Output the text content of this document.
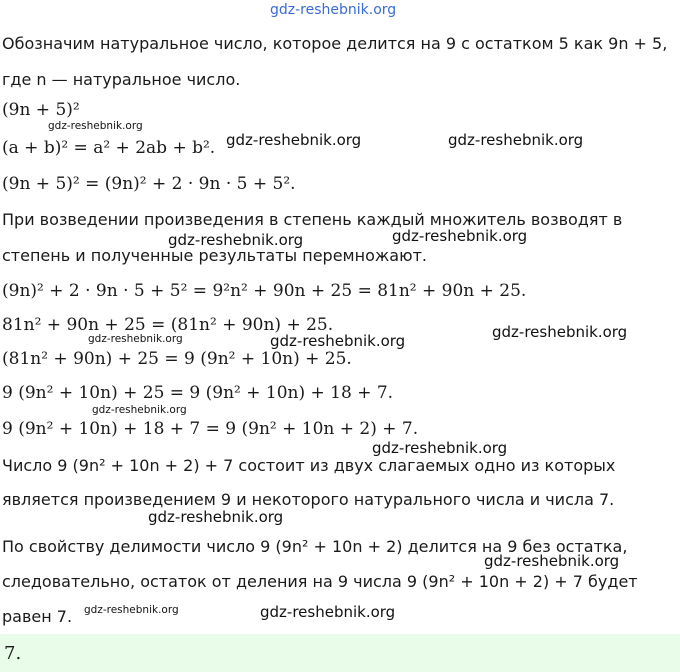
gdz-reshebnik.org
Обозначим натуральное число, которое делится на 9 с остатком 5 как 9n + 5,
где n — натуральное число.
(9n + 5)²
(a + b)² = a² + 2ab + b².
(9n + 5)² = (9n)² + 2 · 9n · 5 + 5².
При возведении произведения в степень каждый множитель возводят в
степень и полученные результаты перемножают.
(9n)² + 2 · 9n · 5 + 5² = 9²n² + 90n + 25 = 81n² + 90n + 25.
81n² + 90n + 25 = (81n² + 90n) + 25.
(81n² + 90n) + 25 = 9 (9n² + 10n) + 25.
9 (9n² + 10n) + 25 = 9 (9n² + 10n) + 18 + 7.
9 (9n² + 10n) + 18 + 7 = 9 (9n² + 10n + 2) + 7.
Число 9 (9n² + 10n + 2) + 7 состоит из двух слагаемых одно из которых
является произведением 9 и некоторого натурального числа и числа 7.
По свойству делимости число 9 (9n² + 10n + 2) делится на 9 без остатка,
следовательно, остаток от деления на 9 числа 9 (9n² + 10n + 2) + 7 будет
равен 7.
gdz-reshebnik.org
gdz-reshebnik.org	gdz-reshebnik.org
gdz-reshebnik.org	gdz-reshebnik.org
gdz-reshebnik.org	gdz-reshebnik.org
gdz-reshebnik.org
gdz-reshebnik.org
gdz-reshebnik.org
gdz-reshebnik.org
gdz-reshebnik.org
gdz-reshebnik.org	gdz-reshebnik.org
7.
